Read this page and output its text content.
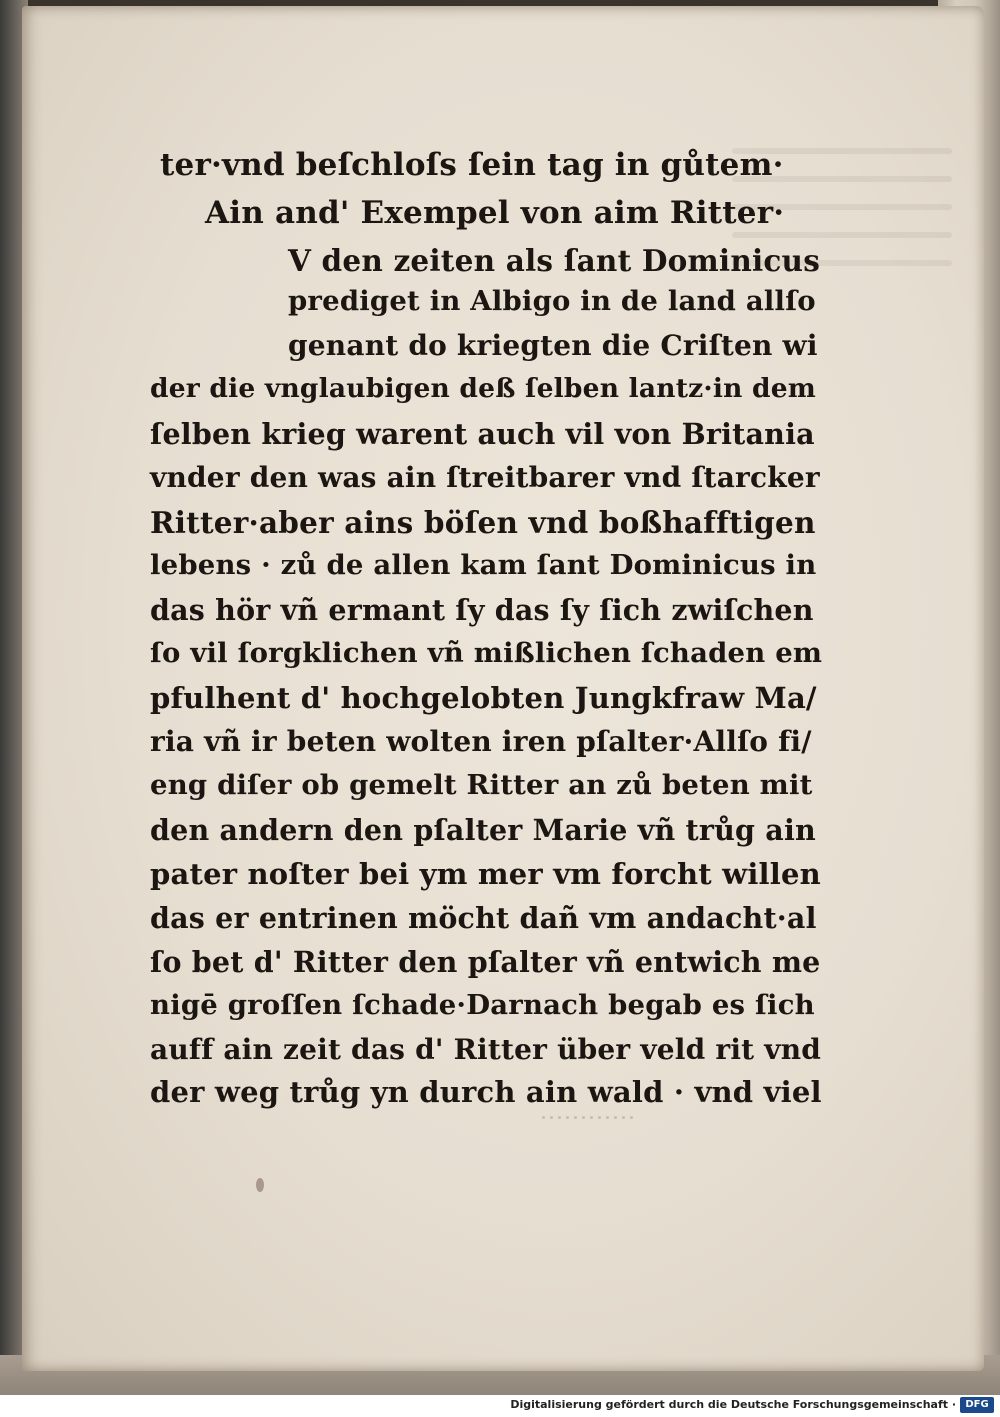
ter·vnd beſchloſs ſein tag in gůtem·
Ain and' Exempel von aim Ritter·
V den zeiten als ſant Dominicus
prediget in Albigo in de land allſo
genant do kriegten die Criſten wi
der die vnglaubigen deß ſelben lantz·in dem
ſelben krieg warent auch vil von Britania
vnder den was ain ſtreitbarer vnd ſtarcker
Ritter·aber ains böſen vnd boßhafftigen
lebens · zů de allen kam ſant Dominicus in
das hör vñ ermant ſy das ſy ſich zwiſchen
ſo vil ſorgklichen vñ mißlichen ſchaden em
pfulhent d' hochgelobten Jungkfraw Ma/
ria vñ ir beten wolten iren pſalter·Allſo fi/
eng diſer ob gemelt Ritter an zů beten mit
den andern den pſalter Marie vñ trůg ain
pater noſter bei ym mer vm forcht willen
das er entrinen möcht dañ vm andacht·al
ſo bet d' Ritter den pſalter vñ entwich me
nigē groſſen ſchade·Darnach begab es ſich
auff ain zeit das d' Ritter über veld rit vnd
der weg trůg yn durch ain wald · vnd viel
Digitalisierung gefördert durch die Deutsche Forschungsgemeinschaft · DFG
